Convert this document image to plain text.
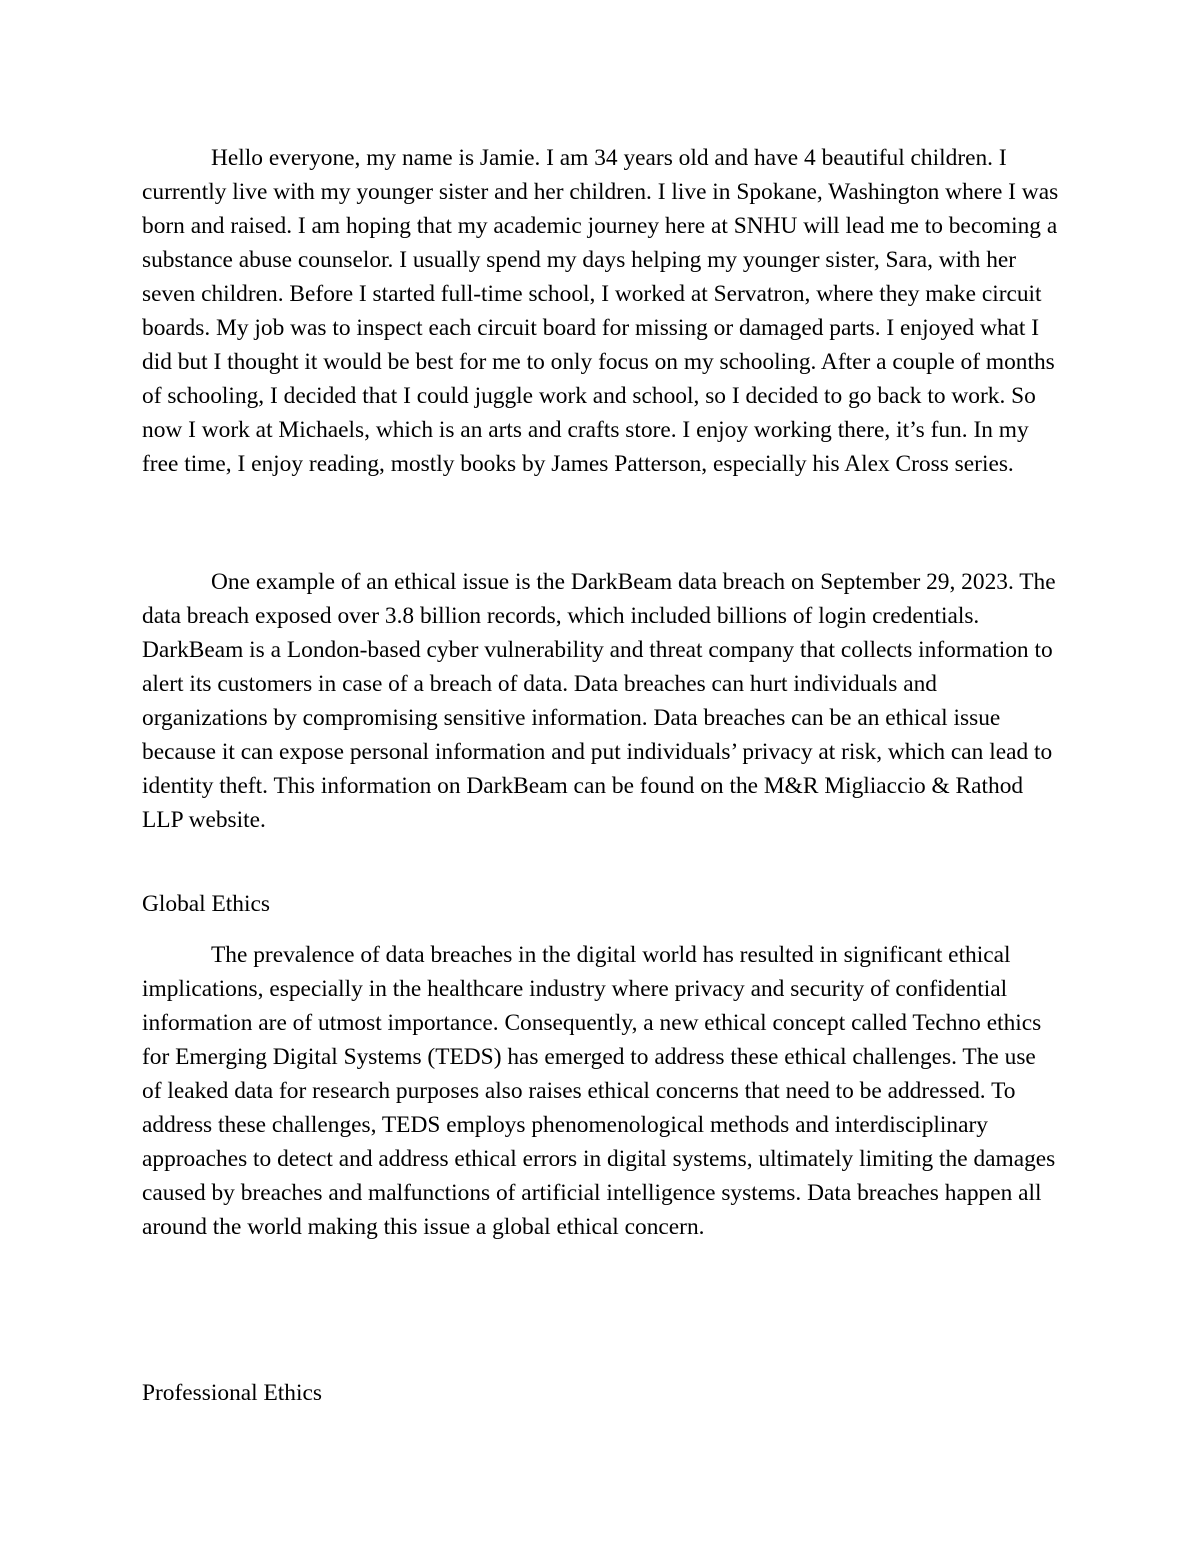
Hello everyone, my name is Jamie. I am 34 years old and have 4 beautiful children. I currently live with my younger sister and her children. I live in Spokane, Washington where I was born and raised. I am hoping that my academic journey here at SNHU will lead me to becoming a substance abuse counselor. I usually spend my days helping my younger sister, Sara, with her seven children. Before I started full-time school, I worked at Servatron, where they make circuit boards. My job was to inspect each circuit board for missing or damaged parts. I enjoyed what I did but I thought it would be best for me to only focus on my schooling. After a couple of months of schooling, I decided that I could juggle work and school, so I decided to go back to work. So now I work at Michaels, which is an arts and crafts store. I enjoy working there, it’s fun. In my free time, I enjoy reading, mostly books by James Patterson, especially his Alex Cross series.

One example of an ethical issue is the DarkBeam data breach on September 29, 2023. The data breach exposed over 3.8 billion records, which included billions of login credentials. DarkBeam is a London-based cyber vulnerability and threat company that collects information to alert its customers in case of a breach of data. Data breaches can hurt individuals and organizations by compromising sensitive information. Data breaches can be an ethical issue because it can expose personal information and put individuals’ privacy at risk, which can lead to identity theft. This information on DarkBeam can be found on the M&R Migliaccio & Rathod LLP website.

Global Ethics

The prevalence of data breaches in the digital world has resulted in significant ethical implications, especially in the healthcare industry where privacy and security of confidential information are of utmost importance. Consequently, a new ethical concept called Techno ethics for Emerging Digital Systems (TEDS) has emerged to address these ethical challenges. The use of leaked data for research purposes also raises ethical concerns that need to be addressed. To address these challenges, TEDS employs phenomenological methods and interdisciplinary approaches to detect and address ethical errors in digital systems, ultimately limiting the damages caused by breaches and malfunctions of artificial intelligence systems. Data breaches happen all around the world making this issue a global ethical concern.

Professional Ethics
